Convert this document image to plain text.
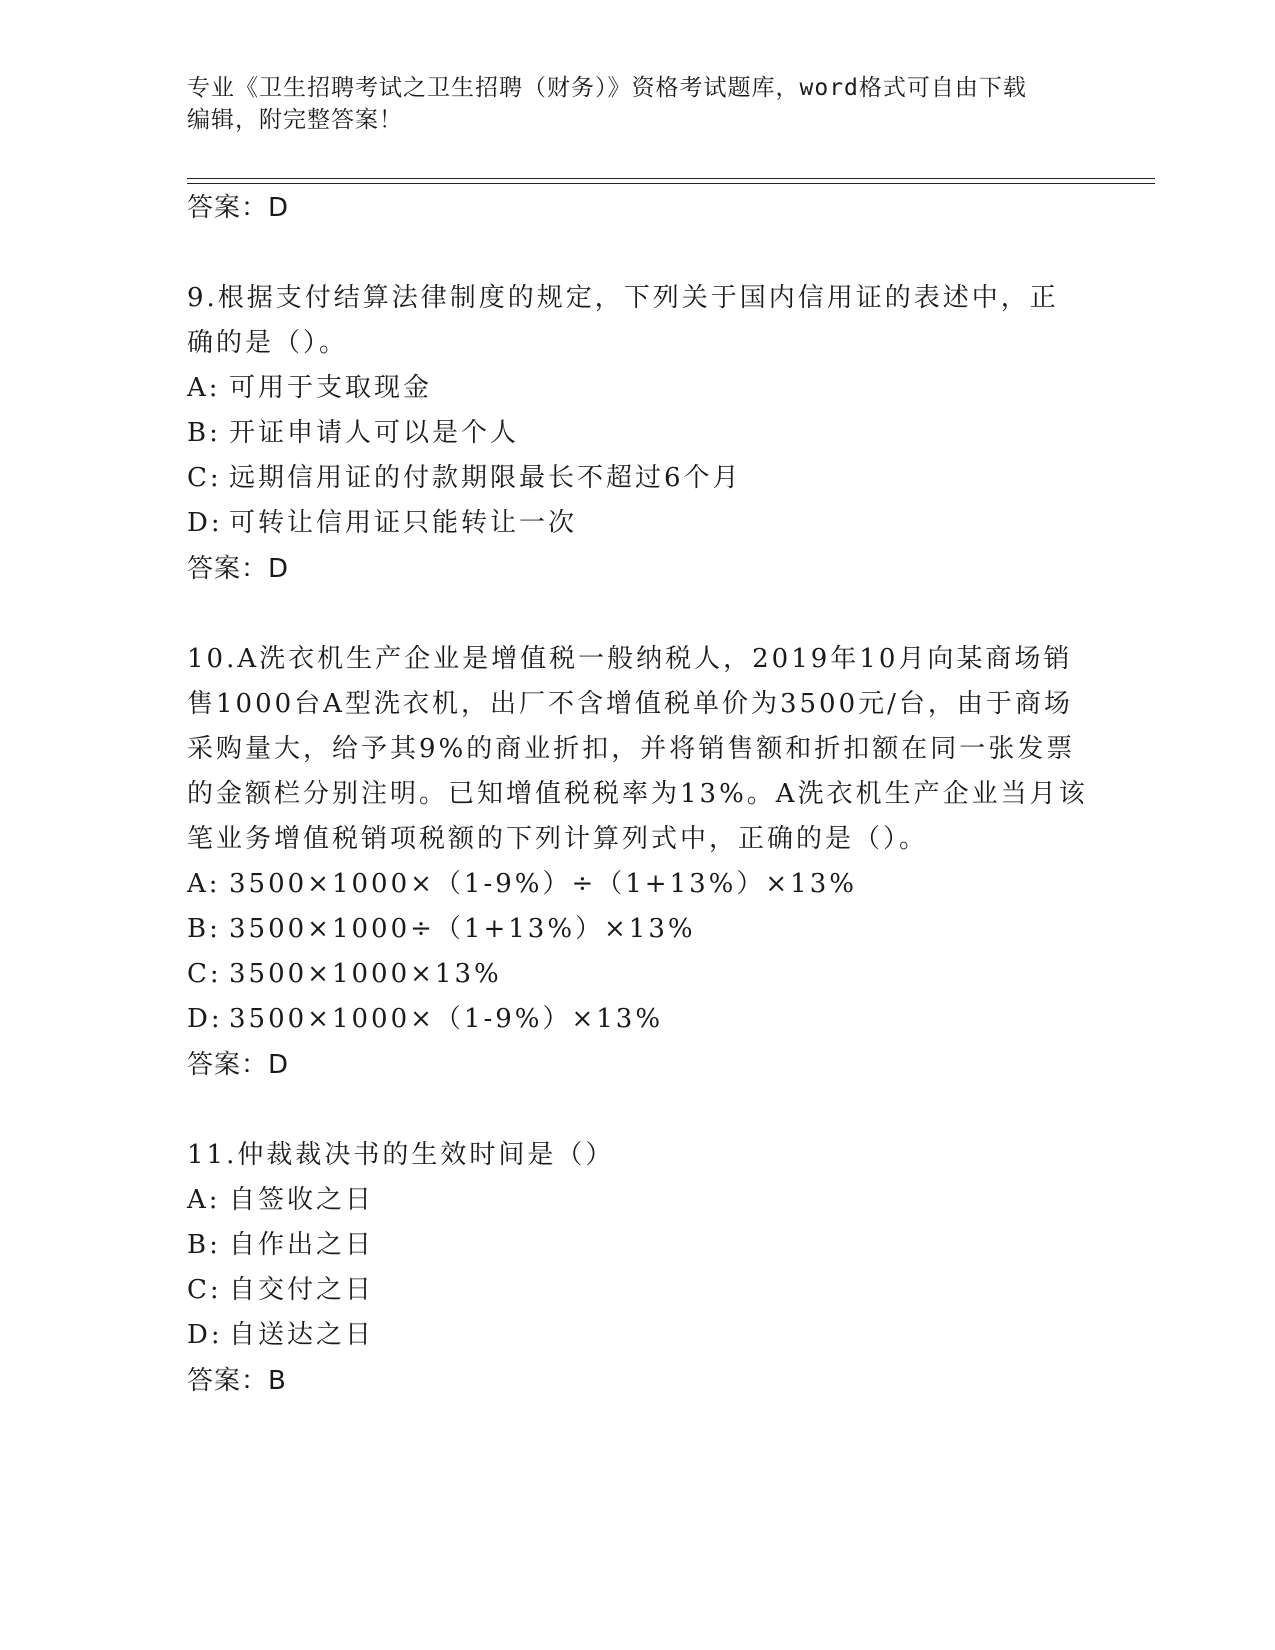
专业《卫生招聘考试之卫生招聘（财务）》资格考试题库，word格式可自由下载
编辑，附完整答案！
答案：D
9.根据支付结算法律制度的规定，下列关于国内信用证的表述中，正
确的是（）。
A: 可用于支取现金
B: 开证申请人可以是个人
C: 远期信用证的付款期限最长不超过6个月
D: 可转让信用证只能转让一次
答案：D
10.A洗衣机生产企业是增值税一般纳税人，2019年10月向某商场销
售1000台A型洗衣机，出厂不含增值税单价为3500元/台，由于商场
采购量大，给予其9%的商业折扣，并将销售额和折扣额在同一张发票
的金额栏分别注明。已知增值税税率为13%。A洗衣机生产企业当月该
笔业务增值税销项税额的下列计算列式中，正确的是（）。
A: 3500×1000×（1-9%）÷（1+13%）×13%
B: 3500×1000÷（1+13%）×13%
C: 3500×1000×13%
D: 3500×1000×（1-9%）×13%
答案：D
11.仲裁裁决书的生效时间是（）
A: 自签收之日
B: 自作出之日
C: 自交付之日
D: 自送达之日
答案：B
